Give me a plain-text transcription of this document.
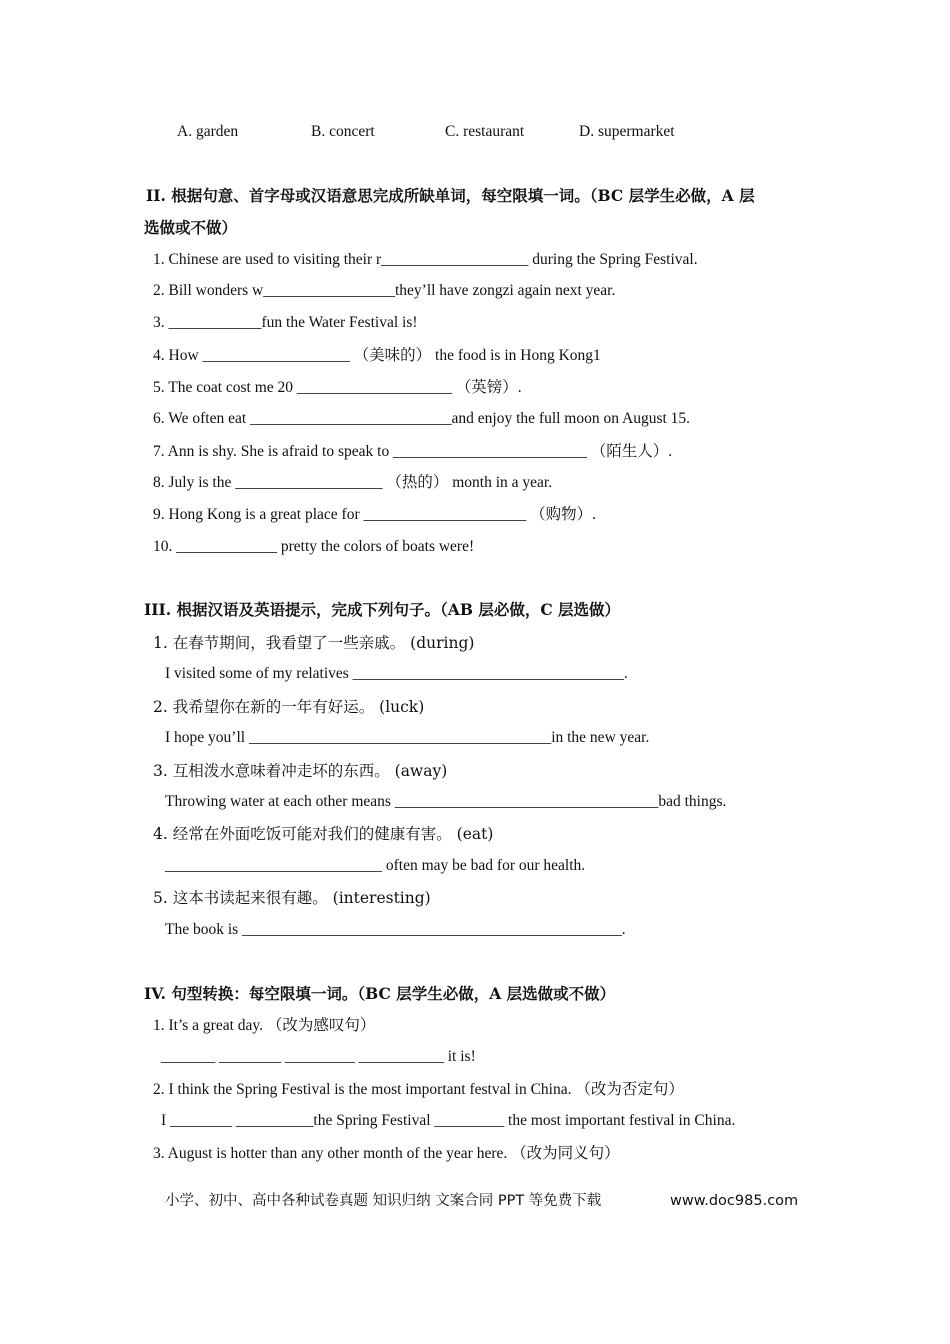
A. garden	B. concert	C. restaurant	D. supermarket
II. 根据句意、首字母或汉语意思完成所缺单词，每空限填一词。（BC 层学生必做，A 层
选做或不做）
1. Chinese are used to visiting their r___________________ during the Spring Festival.
2. Bill wonders w_________________they’ll have zongzi again next year.
3. ____________fun the Water Festival is!
4. How ___________________ （美味的） the food is in Hong Kong1
5. The coat cost me 20 ____________________ （英镑）.
6. We often eat __________________________and enjoy the full moon on August 15.
7. Ann is shy. She is afraid to speak to _________________________ （陌生人）.
8. July is the ___________________ （热的） month in a year.
9. Hong Kong is a great place for _____________________ （购物）.
10. _____________ pretty the colors of boats were!
III. 根据汉语及英语提示，完成下列句子。（AB 层必做，C 层选做）
1. 在春节期间，我看望了一些亲戚。 (during)
I visited some of my relatives ___________________________________.
2. 我希望你在新的一年有好运。 (luck)
I hope you’ll _______________________________________in the new year.
3. 互相泼水意味着冲走坏的东西。 (away)
Throwing water at each other means __________________________________bad things.
4. 经常在外面吃饭可能对我们的健康有害。 (eat)
____________________________ often may be bad for our health.
5. 这本书读起来很有趣。 (interesting)
The book is _________________________________________________.
IV. 句型转换：每空限填一词。（BC 层学生必做，A 层选做或不做）
1. It’s a great day. （改为感叹句）
_______ ________ _________ ___________ it is!
2. I think the Spring Festival is the most important festval in China. （改为否定句）
I ________ __________the Spring Festival _________ the most important festival in China.
3. August is hotter than any other month of the year here. （改为同义句）
小学、初中、高中各种试卷真题 知识归纳 文案合同 PPT 等免费下载	www.doc985.com
